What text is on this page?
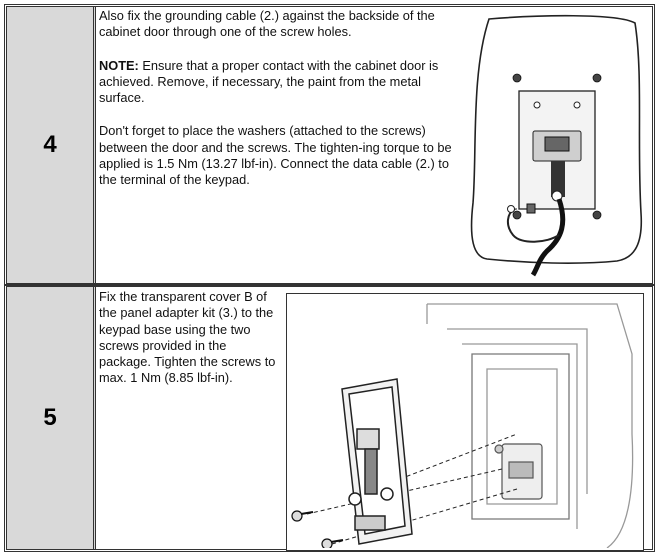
4

Also fix the grounding cable (2.) against the backside of the cabinet door through one of the screw holes.

NOTE: Ensure that a proper contact with the cabinet door is achieved. Remove, if necessary, the paint from the metal surface.

Don't forget to place the washers (attached to the screws) between the door and the screws. The tighten-ing torque to be applied is 1.5 Nm (13.27 lbf-in). Connect the data cable (2.) to the terminal of the keypad.

5

Fix the transparent cover B of the panel adapter kit (3.) to the keypad base using the two screws provided in the package. Tighten the screws to max. 1 Nm (8.85 lbf-in).
